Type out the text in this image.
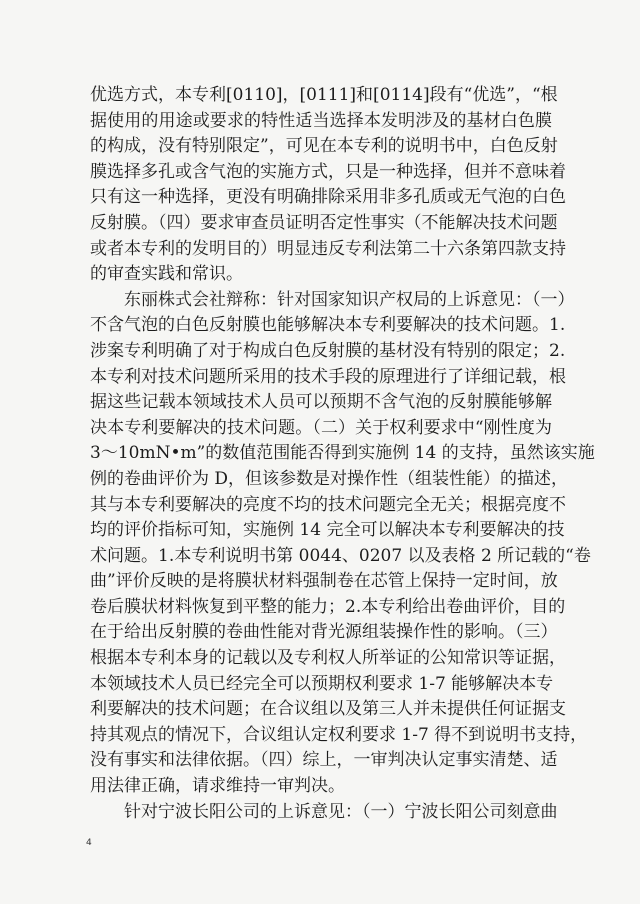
优选方式，本专利[0110]，[0111]和[0114]段有“优选”，“根
据使用的用途或要求的特性适当选择本发明涉及的基材白色膜
的构成，没有特别限定”，可见在本专利的说明书中，白色反射
膜选择多孔或含气泡的实施方式，只是一种选择，但并不意味着
只有这一种选择，更没有明确排除采用非多孔质或无气泡的白色
反射膜。（四）要求审查员证明否定性事实（不能解决技术问题
或者本专利的发明目的）明显违反专利法第二十六条第四款支持
的审查实践和常识。
东丽株式会社辩称：针对国家知识产权局的上诉意见：（一）
不含气泡的白色反射膜也能够解决本专利要解决的技术问题。1.
涉案专利明确了对于构成白色反射膜的基材没有特别的限定；2.
本专利对技术问题所采用的技术手段的原理进行了详细记载，根
据这些记载本领域技术人员可以预期不含气泡的反射膜能够解
决本专利要解决的技术问题。（二）关于权利要求中“刚性度为
3～10mN•m”的数值范围能否得到实施例 14 的支持，虽然该实施
例的卷曲评价为 D，但该参数是对操作性（组装性能）的描述，
其与本专利要解决的亮度不均的技术问题完全无关；根据亮度不
均的评价指标可知，实施例 14 完全可以解决本专利要解决的技
术问题。1.本专利说明书第 0044、0207 以及表格 2 所记载的“卷
曲”评价反映的是将膜状材料强制卷在芯管上保持一定时间，放
卷后膜状材料恢复到平整的能力；2.本专利给出卷曲评价，目的
在于给出反射膜的卷曲性能对背光源组装操作性的影响。（三）
根据本专利本身的记载以及专利权人所举证的公知常识等证据，
本领域技术人员已经完全可以预期权利要求 1-7 能够解决本专
利要解决的技术问题；在合议组以及第三人并未提供任何证据支
持其观点的情况下，合议组认定权利要求 1-7 得不到说明书支持，
没有事实和法律依据。（四）综上，一审判决认定事实清楚、适
用法律正确，请求维持一审判决。
针对宁波长阳公司的上诉意见：（一）宁波长阳公司刻意曲
4
